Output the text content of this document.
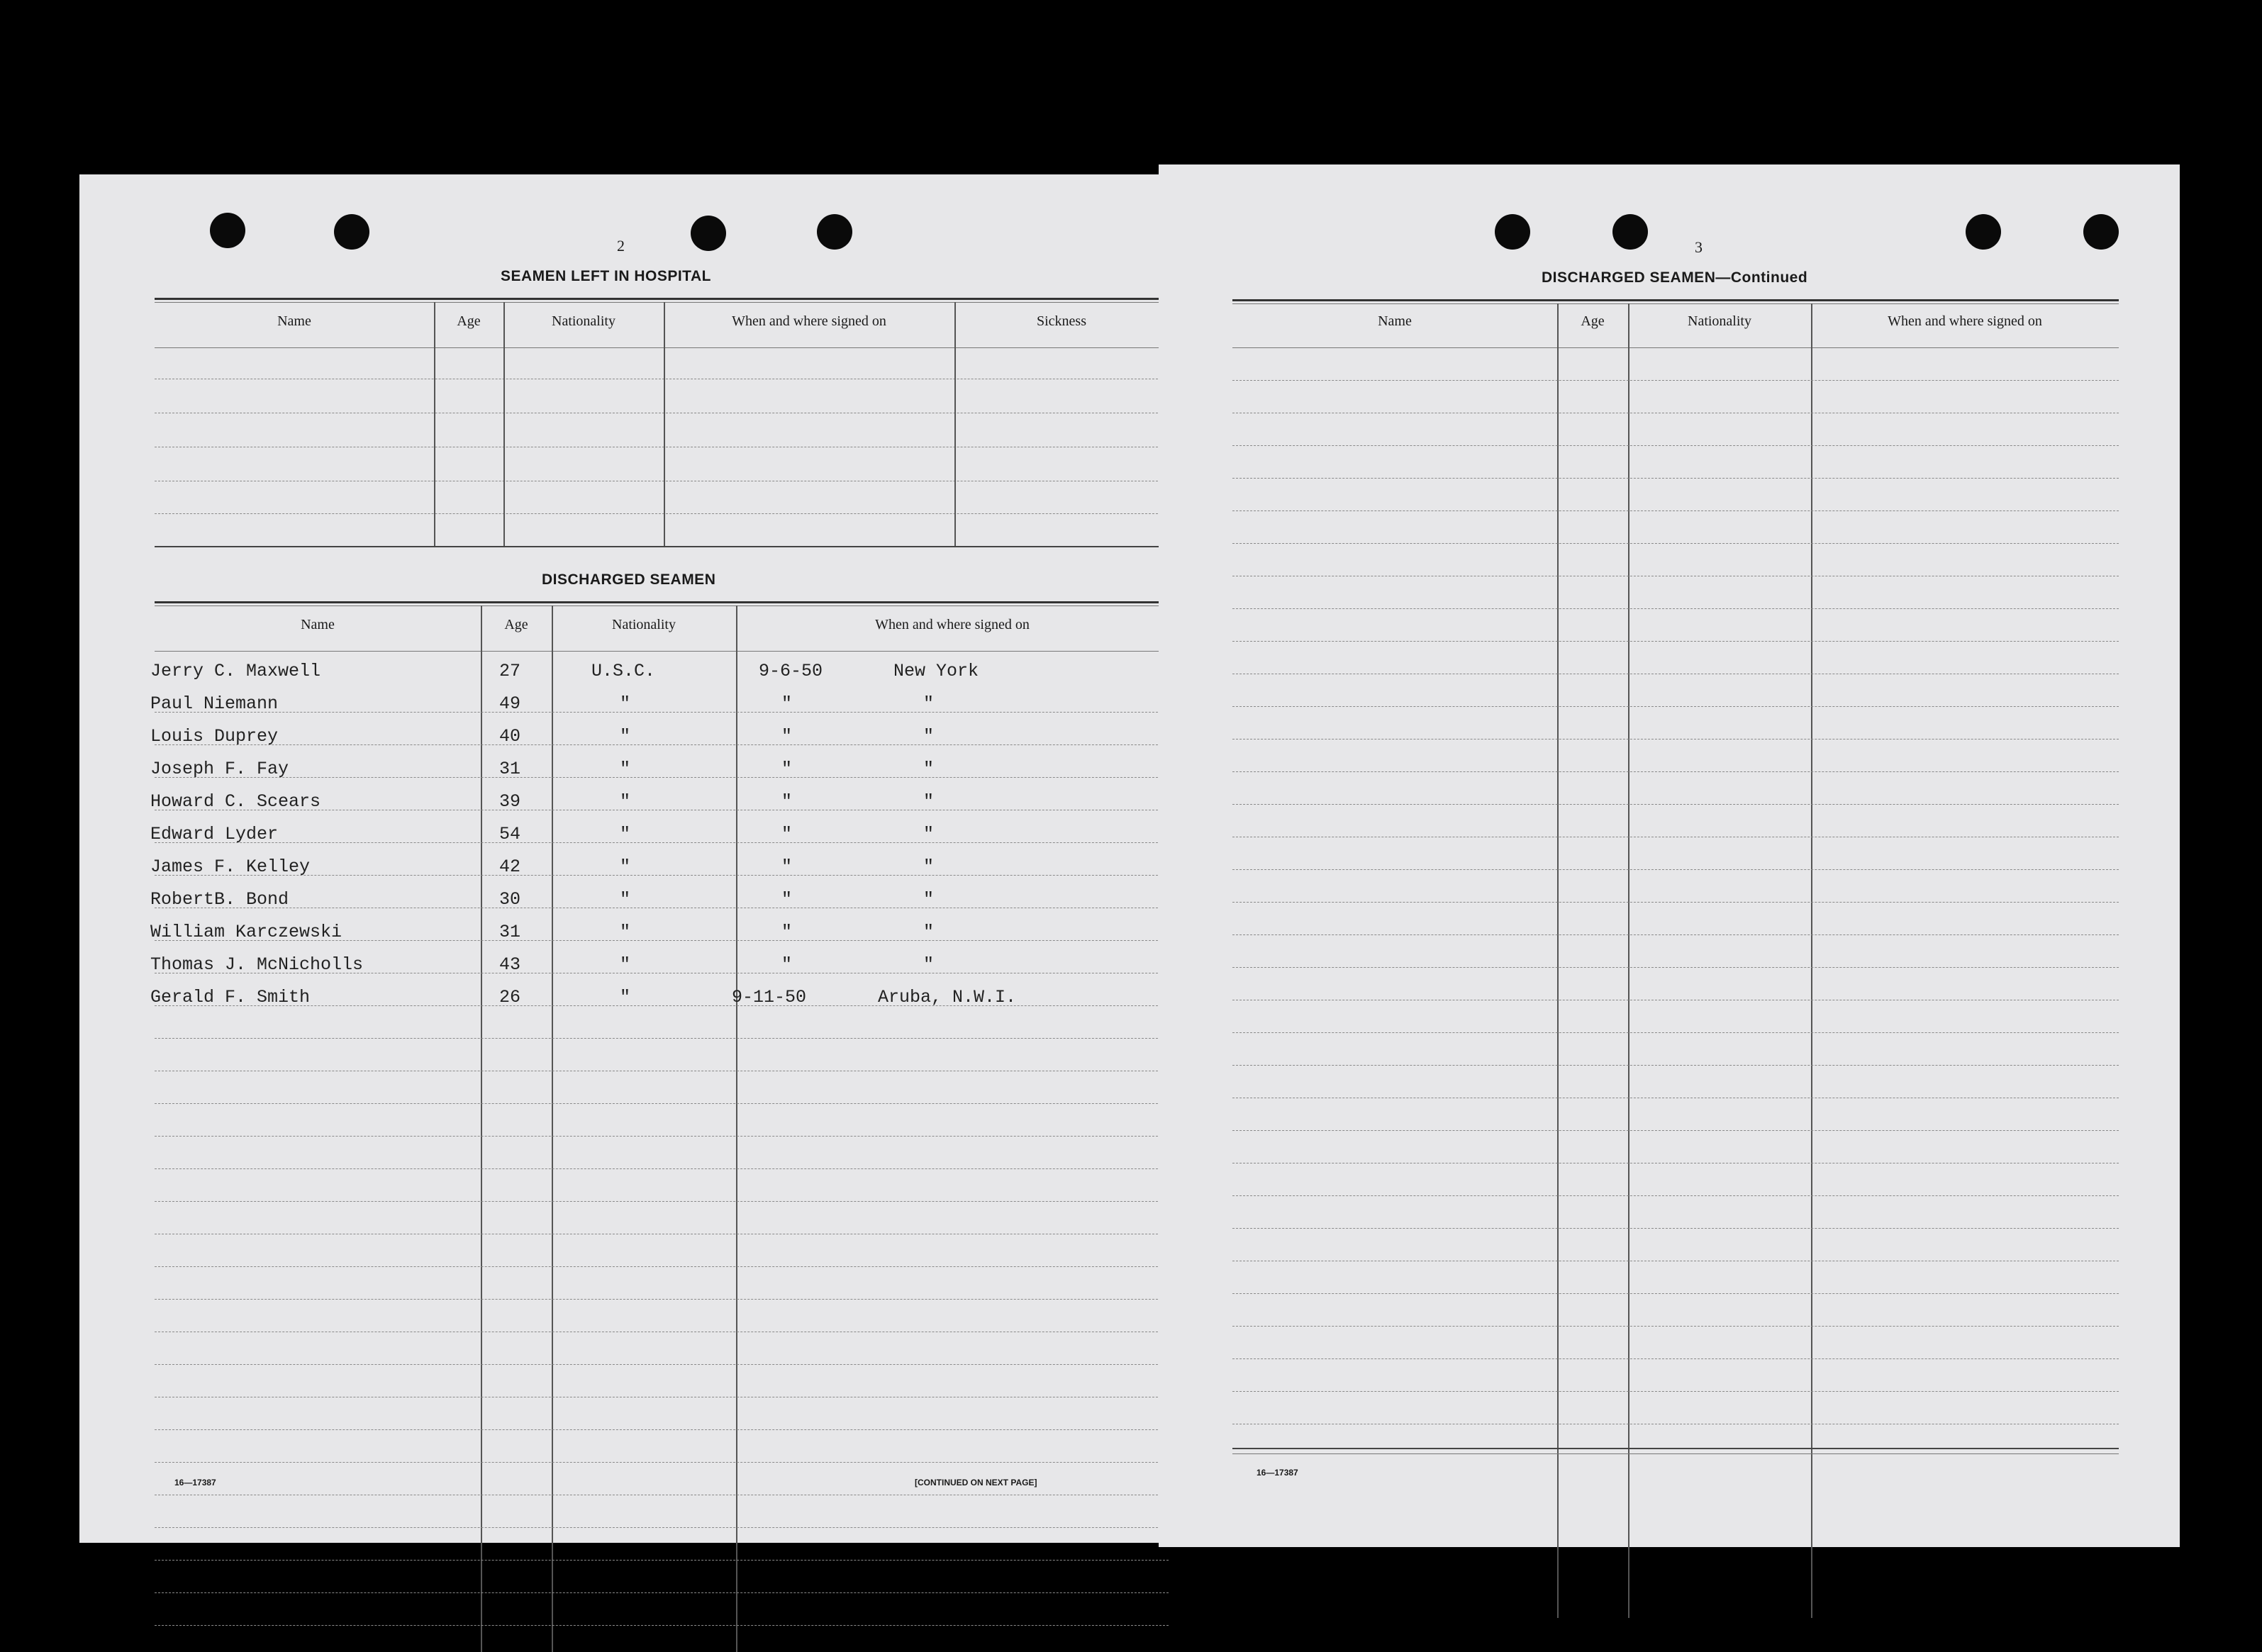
2
SEAMEN LEFT IN HOSPITAL
Name	Age	Nationality	When and where signed on	Sickness
DISCHARGED SEAMEN
Name	Age	Nationality	When and where signed on
Jerry C. Maxwell	27	U.S.C.	9-6-50	New York
Paul Niemann	49	"	"	"
Louis Duprey	40	"	"	"
Joseph F. Fay	31	"	"	"
Howard C. Scears	39	"	"	"
Edward Lyder	54	"	"	"
James F. Kelley	42	"	"	"
RobertB. Bond	30	"	"	"
William Karczewski	31	"	"	"
Thomas J. McNicholls	43	"	"	"
Gerald F. Smith	26	"	9-11-50	Aruba, N.W.I.
16—17387	[CONTINUED ON NEXT PAGE]
3
DISCHARGED SEAMEN—Continued
Name	Age	Nationality	When and where signed on
16—17387
